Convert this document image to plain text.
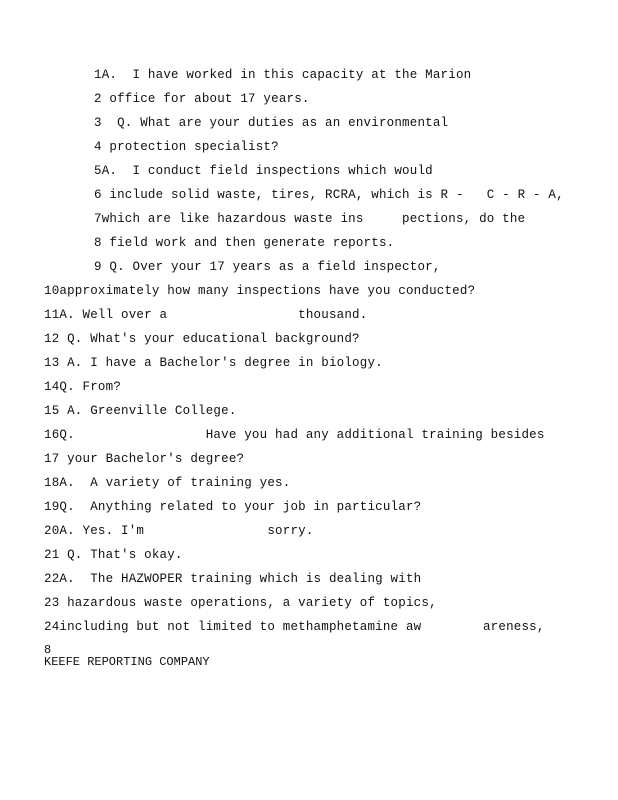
1A.  I have worked in this capacity at the Marion
2 office for about 17 years.
3  Q. What are your duties as an environmental
4 protection specialist?
5A.  I conduct field inspections which would
6 include solid waste, tires, RCRA, which is R -   C - R - A,
7which are like hazardous waste ins     pections, do the
8 field work and then generate reports.
9 Q. Over your 17 years as a field inspector,
10approximately how many inspections have you conducted?
11A. Well over a                 thousand.
12 Q. What's your educational background?
13 A. I have a Bachelor's degree in biology.
14Q. From?
15 A. Greenville College.
16Q.                 Have you had any additional training besides
17 your Bachelor's degree?
18A.  A variety of training yes.
19Q.  Anything related to your job in particular?
20A. Yes. I'm                sorry.
21 Q. That's okay.
22A.  The HAZWOPER training which is dealing with
23 hazardous waste operations, a variety of topics,
24including but not limited to methamphetamine aw        areness,
8
KEEFE REPORTING COMPANY
